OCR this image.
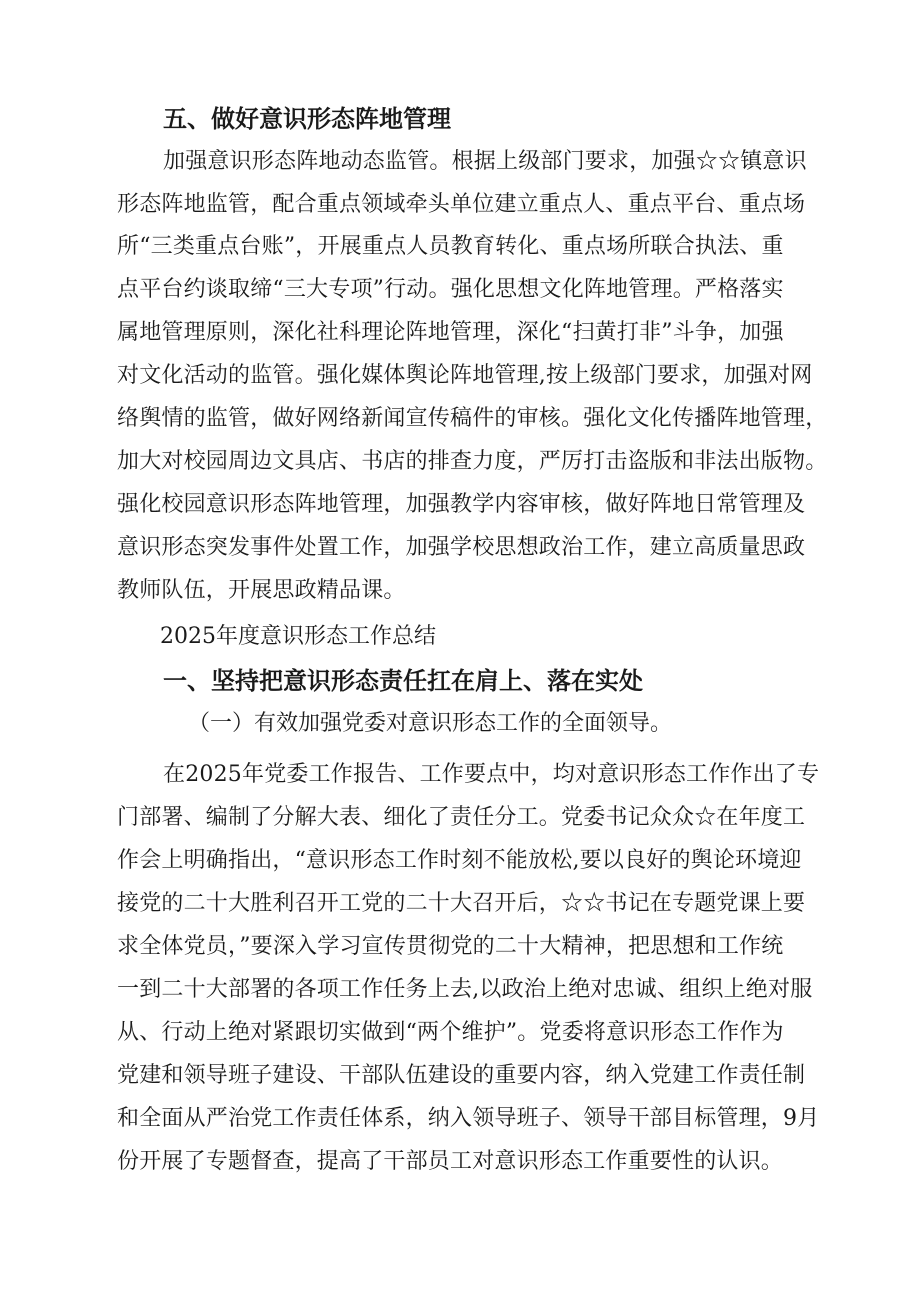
五、做好意识形态阵地管理
加强意识形态阵地动态监管。根据上级部门要求，加强☆☆镇意识
形态阵地监管，配合重点领域牵头单位建立重点人、重点平台、重点场
所“三类重点台账”，开展重点人员教育转化、重点场所联合执法、重
点平台约谈取缔“三大专项”行动。强化思想文化阵地管理。严格落实
属地管理原则，深化社科理论阵地管理，深化“扫黄打非”斗争，加强
对文化活动的监管。强化媒体舆论阵地管理,按上级部门要求，加强对网
络舆情的监管，做好网络新闻宣传稿件的审核。强化文化传播阵地管理，
加大对校园周边文具店、书店的排查力度，严厉打击盗版和非法出版物。
强化校园意识形态阵地管理，加强教学内容审核，做好阵地日常管理及
意识形态突发事件处置工作，加强学校思想政治工作，建立高质量思政
教师队伍，开展思政精品课。
2025年度意识形态工作总结
一、坚持把意识形态责任扛在肩上、落在实处
（一）有效加强党委对意识形态工作的全面领导。
在2025年党委工作报告、工作要点中，均对意识形态工作作出了专
门部署、编制了分解大表、细化了责任分工。党委书记众众☆在年度工
作会上明确指出，“意识形态工作时刻不能放松,要以良好的舆论环境迎
接党的二十大胜利召开工党的二十大召开后，☆☆书记在专题党课上要
求全体党员，”要深入学习宣传贯彻党的二十大精神，把思想和工作统
一到二十大部署的各项工作任务上去,以政治上绝对忠诚、组织上绝对服
从、行动上绝对紧跟切实做到“两个维护”。党委将意识形态工作作为
党建和领导班子建设、干部队伍建设的重要内容，纳入党建工作责任制
和全面从严治党工作责任体系，纳入领导班子、领导干部目标管理，9月
份开展了专题督查，提高了干部员工对意识形态工作重要性的认识。
